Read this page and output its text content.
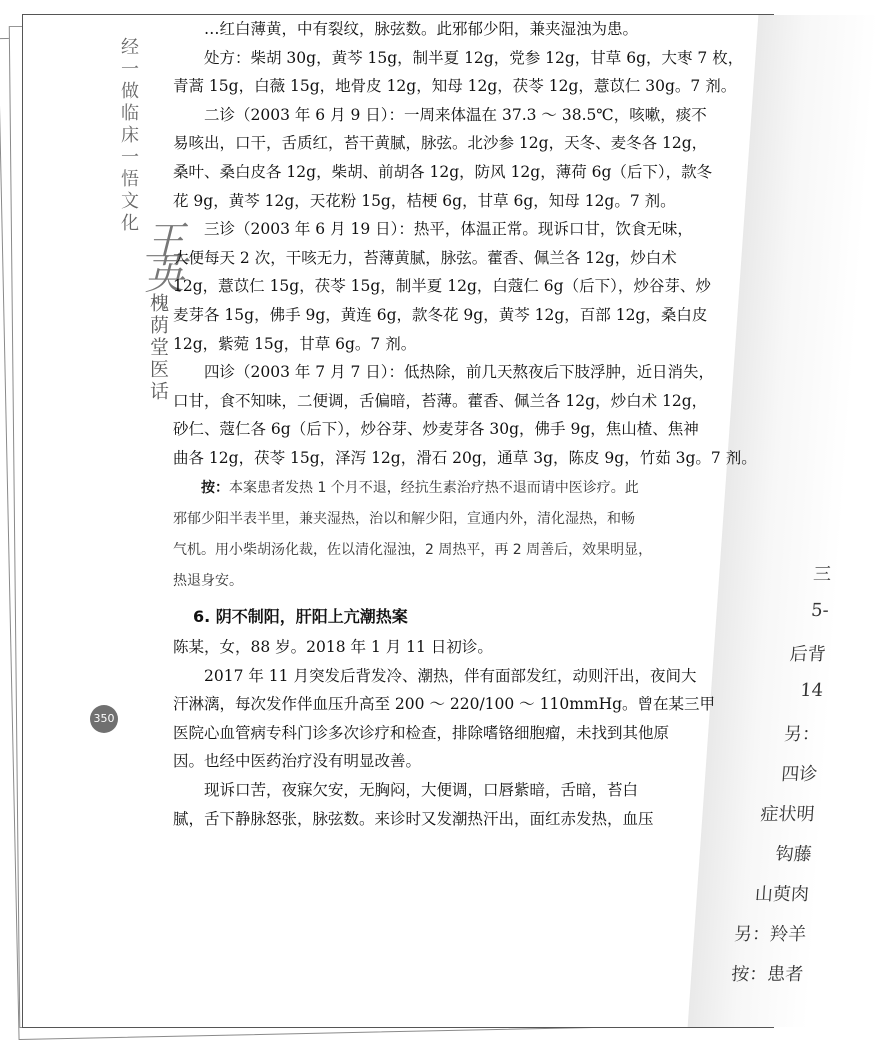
三
5-
后背
14
另：
四诊
症状明
钩藤
山萸肉
另：羚羊
按：患者
经一做临床一悟文化
王英
槐荫堂医话
350

…红白薄黄，中有裂纹，脉弦数。此邪郁少阳，兼夹湿浊为患。

处方：柴胡 30g，黄芩 15g，制半夏 12g，党参 12g，甘草 6g，大枣 7 枚，

青蒿 15g，白薇 15g，地骨皮 12g，知母 12g，茯苓 12g，薏苡仁 30g。7 剂。

二诊（2003 年 6 月 9 日）：一周来体温在 37.3 ～ 38.5℃，咳嗽，痰不

易咳出，口干，舌质红，苔干黄腻，脉弦。北沙参 12g，天冬、麦冬各 12g，

桑叶、桑白皮各 12g，柴胡、前胡各 12g，防风 12g，薄荷 6g（后下），款冬

花 9g，黄芩 12g，天花粉 15g，桔梗 6g，甘草 6g，知母 12g。7 剂。

三诊（2003 年 6 月 19 日）：热平，体温正常。现诉口甘，饮食无味，

大便每天 2 次，干咳无力，苔薄黄腻，脉弦。藿香、佩兰各 12g，炒白术

12g，薏苡仁 15g，茯苓 15g，制半夏 12g，白蔻仁 6g（后下），炒谷芽、炒

麦芽各 15g，佛手 9g，黄连 6g，款冬花 9g，黄芩 12g，百部 12g，桑白皮

12g，紫菀 15g，甘草 6g。7 剂。

四诊（2003 年 7 月 7 日）：低热除，前几天熬夜后下肢浮肿，近日消失，

口甘，食不知味，二便调，舌偏暗，苔薄。藿香、佩兰各 12g，炒白术 12g，

砂仁、蔻仁各 6g（后下），炒谷芽、炒麦芽各 30g，佛手 9g，焦山楂、焦神

曲各 12g，茯苓 15g，泽泻 12g，滑石 20g，通草 3g，陈皮 9g，竹茹 3g。7 剂。

按：本案患者发热 1 个月不退，经抗生素治疗热不退而请中医诊疗。此
邪郁少阳半表半里，兼夹湿热，治以和解少阳，宣通内外，清化湿热，和畅
气机。用小柴胡汤化裁，佐以清化湿浊，2 周热平，再 2 周善后，效果明显，
热退身安。

6. 阴不制阳，肝阳上亢潮热案

陈某，女，88 岁。2018 年 1 月 11 日初诊。

2017 年 11 月突发后背发冷、潮热，伴有面部发红，动则汗出，夜间大

汗淋漓，每次发作伴血压升高至 200 ～ 220/100 ～ 110mmHg。曾在某三甲

医院心血管病专科门诊多次诊疗和检查，排除嗜铬细胞瘤，未找到其他原

因。也经中医药治疗没有明显改善。

现诉口苦，夜寐欠安，无胸闷，大便调，口唇紫暗，舌暗，苔白

腻，舌下静脉怒张，脉弦数。来诊时又发潮热汗出，面红赤发热，血压
